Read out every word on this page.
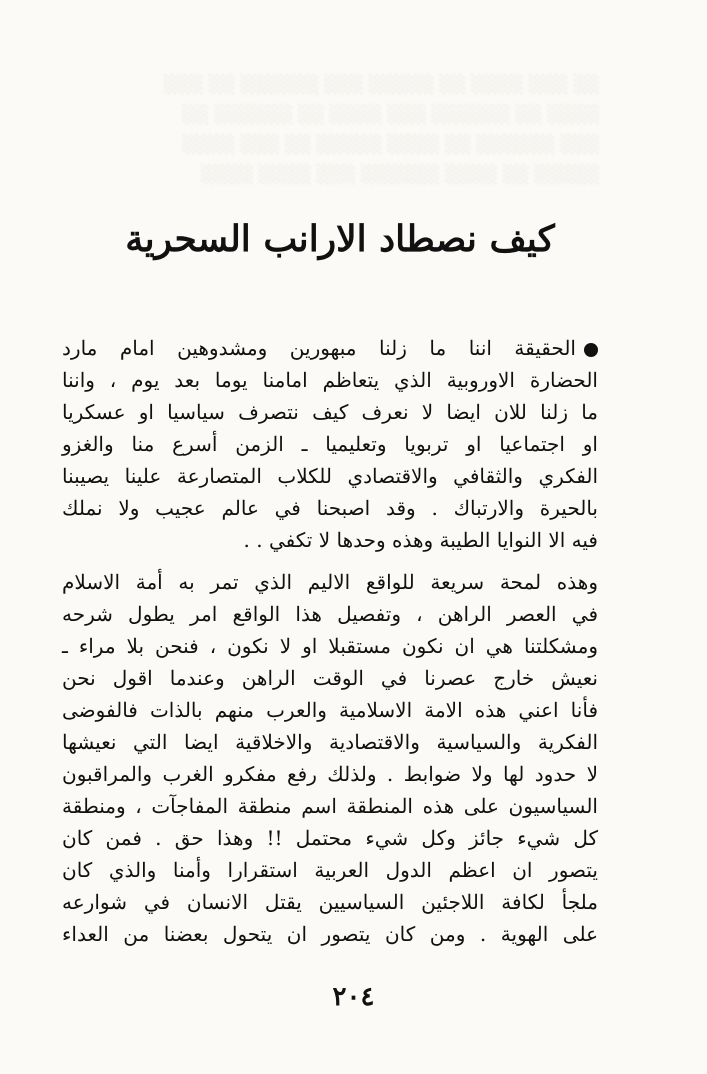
░░ ░░░ ░░░░ ░░ ░░░░░ ░░░ ░░░░░░ ░░ ░░░
░░░░ ░░ ░░░░░░ ░░░ ░░░░ ░░ ░░░░░░ ░░
░░░ ░░░░░░ ░░ ░░░░ ░░░░░ ░░ ░░░ ░░░░
░░░░░ ░░ ░░░░ ░░░░░░ ░░░ ░░░░ ░░░░
كيف نصطاد الارانب السحرية
الحقيقة اننا ما زلنا مبهورين ومشدوهين امام مارد
الحضارة الاوروبية الذي يتعاظم امامنا يوما بعد يوم ، واننا
ما زلنا للان ايضا لا نعرف كيف نتصرف سياسيا او عسكريا
او اجتماعيا او تربويا وتعليميا ـ الزمن أسرع منا والغزو
الفكري والثقافي والاقتصادي للكلاب المتصارعة علينا يصيبنا
بالحيرة والارتباك . وقد اصبحنا في عالم عجيب ولا نملك
فيه الا النوايا الطيبة وهذه وحدها لا تكفي . .
وهذه لمحة سريعة للواقع الاليم الذي تمر به أمة الاسلام
في العصر الراهن ، وتفصيل هذا الواقع امر يطول شرحه
ومشكلتنا هي ان نكون مستقبلا او لا نكون ، فنحن بلا مراء ـ
نعيش خارج عصرنا في الوقت الراهن وعندما اقول نحن
فأنا اعني هذه الامة الاسلامية والعرب منهم بالذات فالفوضى
الفكرية والسياسية والاقتصادية والاخلاقية ايضا التي نعيشها
لا حدود لها ولا ضوابط . ولذلك رفع مفكرو الغرب والمراقبون
السياسيون على هذه المنطقة اسم منطقة المفاجآت ، ومنطقة
كل شيء جائز وكل شيء محتمل !! وهذا حق . فمن كان
يتصور ان اعظم الدول العربية استقرارا وأمنا والذي كان
ملجأ لكافة اللاجئين السياسيين يقتل الانسان في شوارعه
على الهوية . ومن كان يتصور ان يتحول بعضنا من العداء
٢٠٤
